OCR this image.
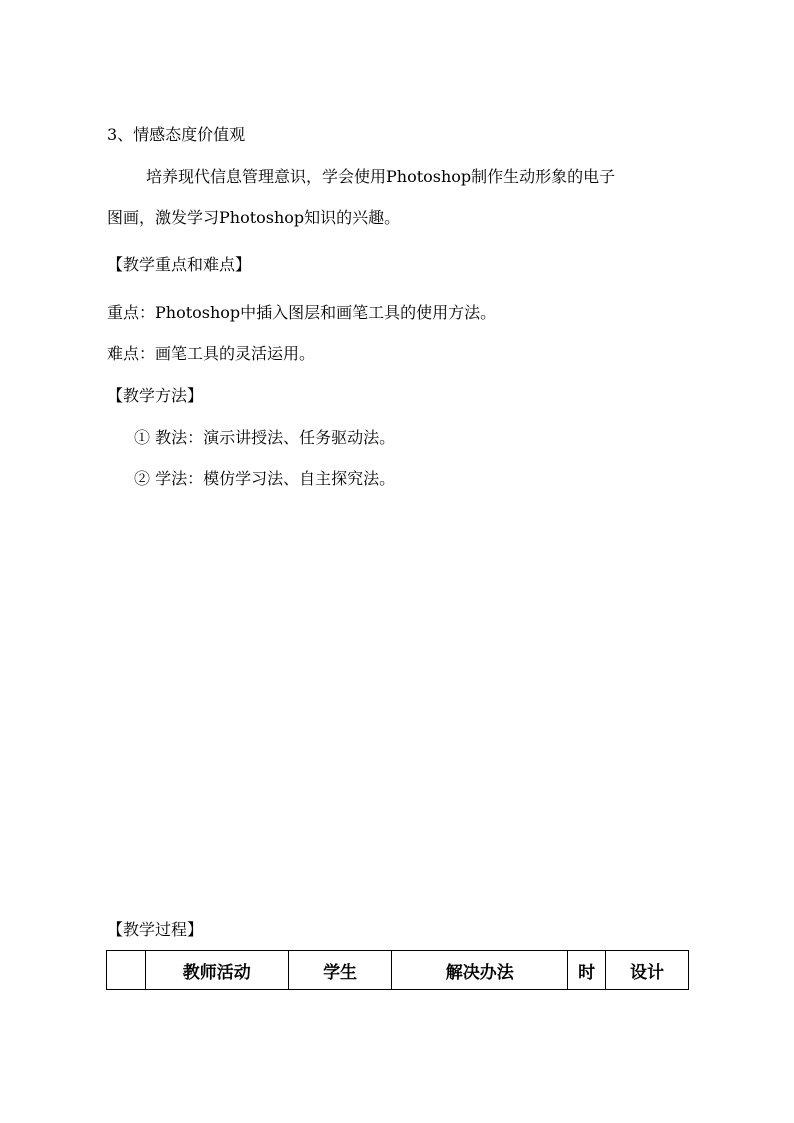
3、情感态度价值观
培养现代信息管理意识，学会使用Photoshop制作生动形象的电子
图画，激发学习Photoshop知识的兴趣。
【教学重点和难点】
重点：Photoshop中插入图层和画笔工具的使用方法。
难点：画笔工具的灵活运用。
【教学方法】
① 教法：演示讲授法、任务驱动法。
② 学法：模仿学习法、自主探究法。
【教学过程】
	教师活动	学生	解决办法	时	设计
